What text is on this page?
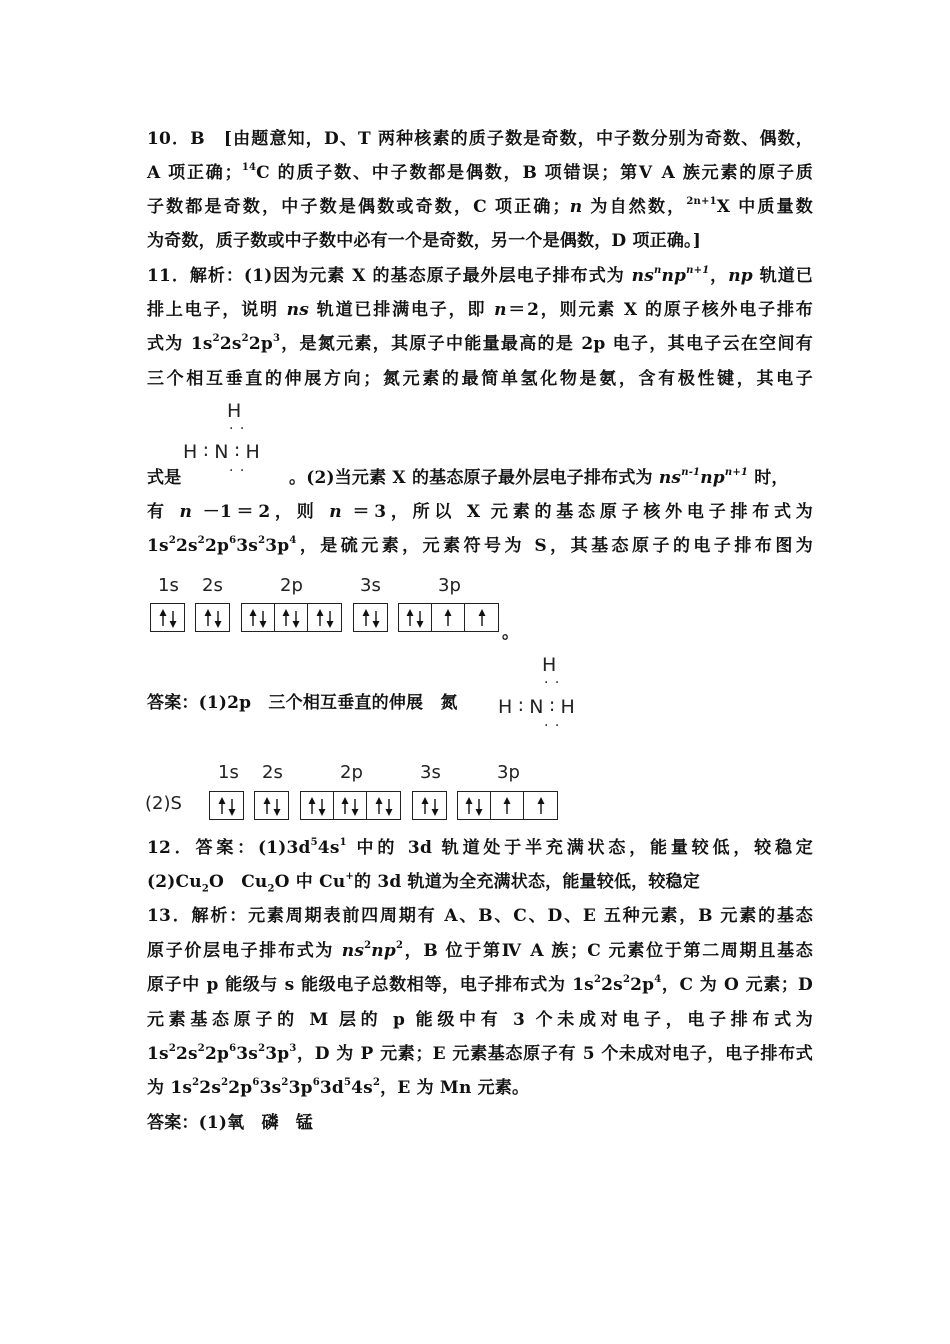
10．B　[由题意知，D、T 两种核素的质子数是奇数，中子数分别为奇数、偶数，
A 项正确；$^{14}$C 的质子数、中子数都是偶数，B 项错误；第Ⅴ A 族元素的原子质
子数都是奇数，中子数是偶数或奇数，C 项正确；n 为自然数，$^{2n+1}$X 中质量数
为奇数，质子数或中子数中必有一个是奇数，另一个是偶数，D 项正确。]
11．解析：(1)因为元素 X 的基态原子最外层电子排布式为 $ns^nnp^{n+1}$，np 轨道已
排上电子，说明 ns 轨道已排满电子，即 n＝2，则元素 X 的原子核外电子排布
式为 $1s^22s^22p^3$，是氮元素，其原子中能量最高的是 2p 电子，其电子云在空间有
三个相互垂直的伸展方向；氮元素的最简单氢化物是氨，含有极性键，其电子
H
· ·
H ∶ N ∶ H
· ·
式是	。(2)当元素 X 的基态原子最外层电子排布式为 $ns^{n-1}np^{n+1}$ 时，
有 n －1＝2，则 n ＝3，所以 X 元素的基态原子核外电子排布式为
$1s^22s^22p^63s^23p^4$，是硫元素，元素符号为 S，其基态原子的电子排布图为
1s 2s	2p	3s	3p
。
答案：(1)2p　三个相互垂直的伸展　氮
H
· ·
H ∶ N ∶ H
· ·
(2)S
1s 2s	2p	3s	3p
12．答案：$(1)3d^54s^1$ 中的 3d 轨道处于半充满状态，能量较低，较稳定
$(2)Cu_2O$　$Cu_2O$ 中 Cu+的 3d 轨道为全充满状态，能量较低，较稳定
13．解析：元素周期表前四周期有 A、B、C、D、E 五种元素，B 元素的基态
原子价层电子排布式为 $ns^2np^2$，B 位于第Ⅳ A 族；C 元素位于第二周期且基态
原子中 p 能级与 s 能级电子总数相等，电子排布式为 $1s^22s^22p^4$，C 为 O 元素；D
元素基态原子的 M 层的 p 能级中有 3 个未成对电子，电子排布式为
$1s^22s^22p^63s^23p^3$，D 为 P 元素；E 元素基态原子有 5 个未成对电子，电子排布式
为 $1s^22s^22p^63s^23p^63d^54s^2$，E 为 Mn 元素。
答案：(1)氧　磷　锰
